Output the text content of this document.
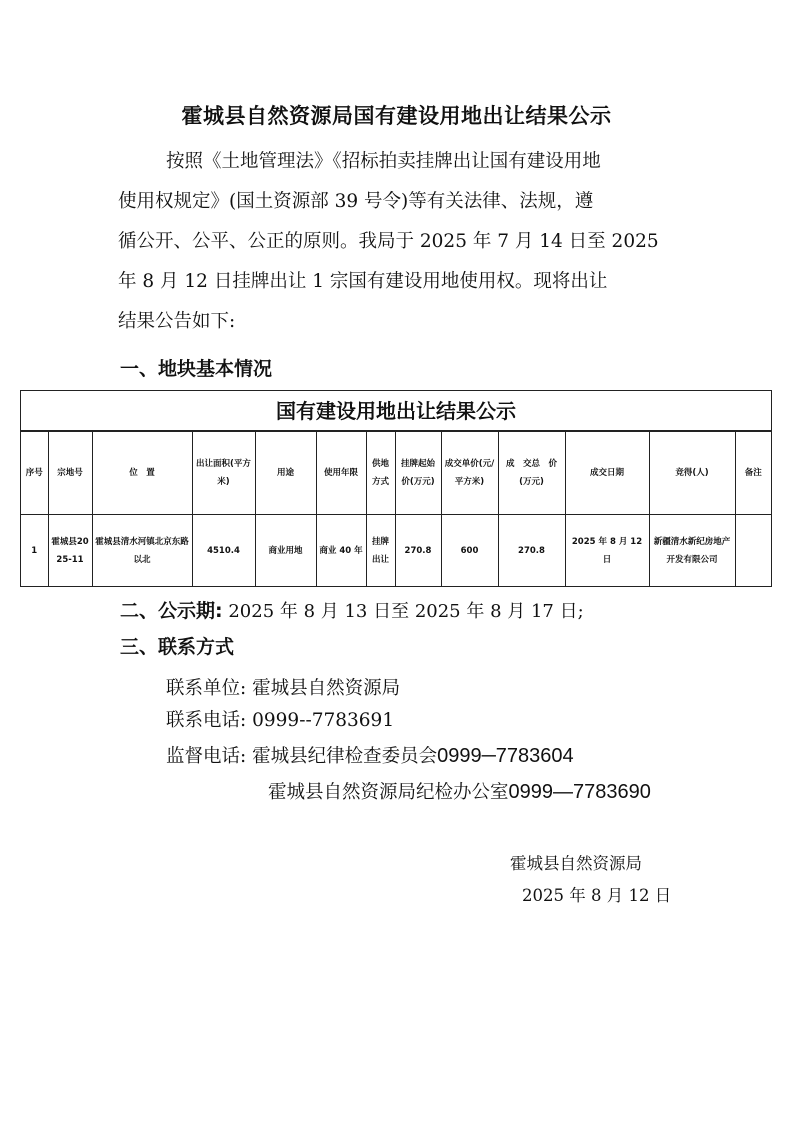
霍城县自然资源局国有建设用地出让结果公示
按照《土地管理法》《招标拍卖挂牌出让国有建设用地
使用权规定》(国土资源部 39 号令)等有关法律、法规，遵
循公开、公平、公正的原则。我局于 2025 年 7 月 14 日至 2025
年 8 月 12 日挂牌出让 1 宗国有建设用地使用权。现将出让
结果公告如下:
一、地块基本情况
国有建设用地出让结果公示
序号	宗地号	位　置	出让面积(平方米)	用途	使用年限	供地方式	挂牌起始价(万元)	成交单价(元/平方米)	成　交总　价(万元)	成交日期	竞得(人)	备注
1	霍城县2025-11	霍城县清水河镇北京东路以北	4510.4	商业用地	商业 40 年	挂牌出让	270.8	600	270.8	2025 年 8 月 12 日	新疆清水新纪房地产开发有限公司	
二、公示期: 2025 年 8 月 13 日至 2025 年 8 月 17 日;
三、联系方式
联系单位: 霍城县自然资源局
联系电话: 0999--7783691
监督电话: 霍城县纪律检查委员会0999─7783604
霍城县自然资源局纪检办公室0999—7783690
霍城县自然资源局
2025 年 8 月 12 日
